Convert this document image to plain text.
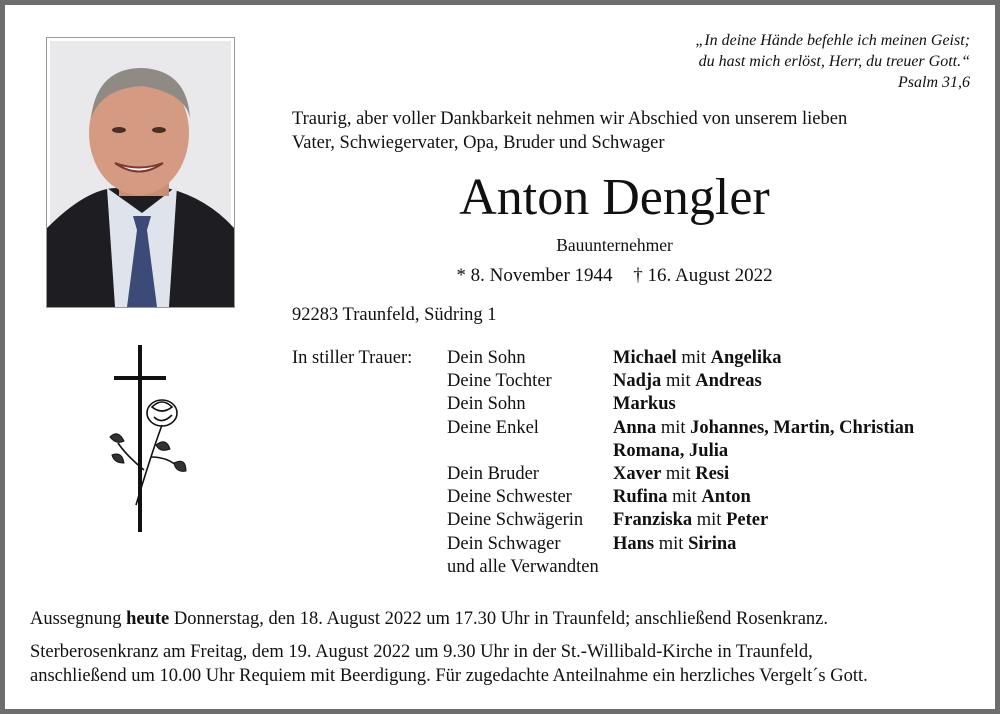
„In deine Hände befehle ich meinen Geist;
du hast mich erlöst, Herr, du treuer Gott.“
Psalm 31,6
Traurig, aber voller Dankbarkeit nehmen wir Abschied von unserem lieben
Vater, Schwiegervater, Opa, Bruder und Schwager
Anton Dengler
Bauunternehmer
* 8. November 1944 † 16. August 2022
92283 Traunfeld, Südring 1
In stiller Trauer: Dein Sohn	Michael mit Angelika
Deine Tochter	Nadja mit Andreas
Dein Sohn	Markus
Deine Enkel	Anna mit Johannes, Martin, Christian
Romana, Julia
Dein Bruder	Xaver mit Resi
Deine Schwester	Rufina mit Anton
Deine Schwägerin	Franziska mit Peter
Dein Schwager	Hans mit Sirina
und alle Verwandten
Aussegnung heute Donnerstag, den 18. August 2022 um 17.30 Uhr in Traunfeld; anschließend Rosenkranz.
Sterberosenkranz am Freitag, dem 19. August 2022 um 9.30 Uhr in der St.-Willibald-Kirche in Traunfeld,
anschließend um 10.00 Uhr Requiem mit Beerdigung. Für zugedachte Anteilnahme ein herzliches Vergelt´s Gott.
